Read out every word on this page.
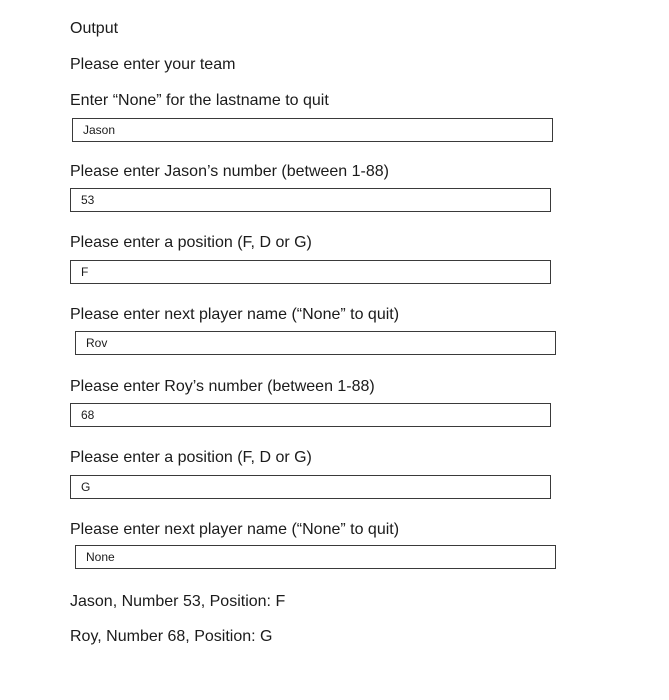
Output
Please enter your team
Enter “None” for the lastname to quit
Jason
Please enter Jason’s number (between 1-88)
53
Please enter a position (F, D or G)
F
Please enter next player name (“None” to quit)
Rov
Please enter Roy’s number (between 1-88)
68
Please enter a position (F, D or G)
G
Please enter next player name (“None” to quit)
None
Jason, Number 53, Position: F
Roy, Number 68, Position: G
